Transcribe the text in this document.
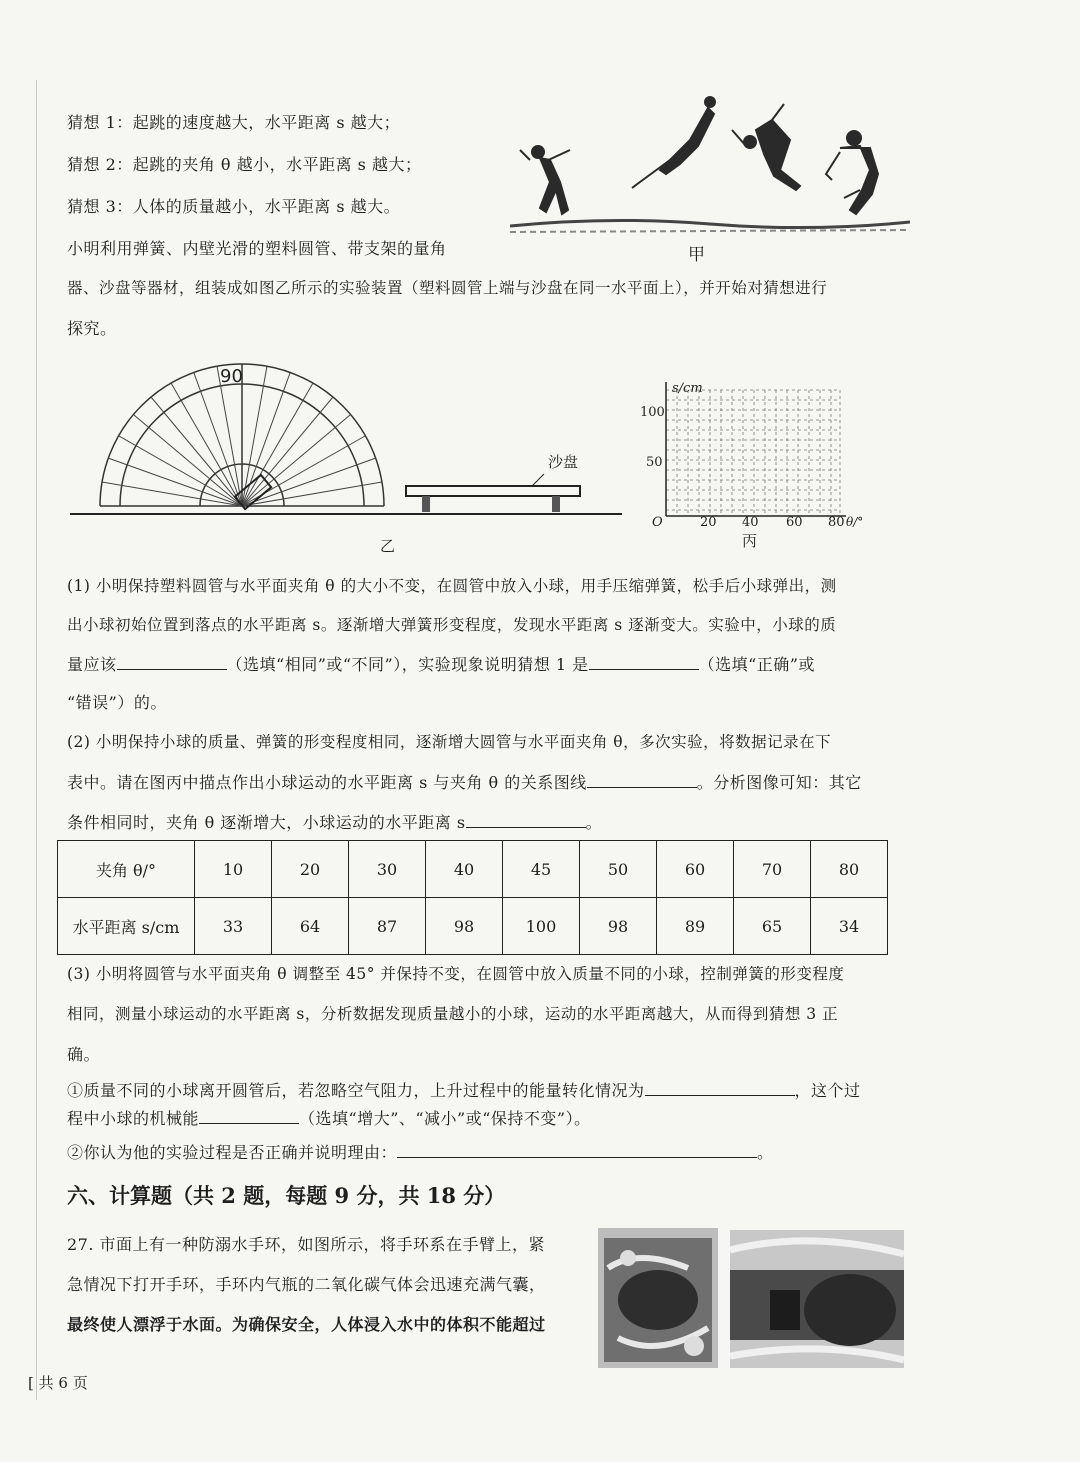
猜想 1：起跳的速度越大，水平距离 s 越大；
猜想 2：起跳的夹角 θ 越小，水平距离 s 越大；
猜想 3：人体的质量越小，水平距离 s 越大。
小明利用弹簧、内壁光滑的塑料圆管、带支架的量角
器、沙盘等器材，组装成如图乙所示的实验装置（塑料圆管上端与沙盘在同一水平面上），并开始对猜想进行
探究。
甲
90
沙盘
乙
s/cm
100
50
O	20 40 60 80 θ/°
丙
(1) 小明保持塑料圆管与水平面夹角 θ 的大小不变，在圆管中放入小球，用手压缩弹簧，松手后小球弹出，测
出小球初始位置到落点的水平距离 s。逐渐增大弹簧形变程度，发现水平距离 s 逐渐变大。实验中，小球的质
量应该	（选填“相同”或“不同”），实验现象说明猜想 1 是	（选填“正确”或
“错误”）的。
(2) 小明保持小球的质量、弹簧的形变程度相同，逐渐增大圆管与水平面夹角 θ，多次实验，将数据记录在下
表中。请在图丙中描点作出小球运动的水平距离 s 与夹角 θ 的关系图线	。分析图像可知：其它
条件相同时，夹角 θ 逐渐增大，小球运动的水平距离 s	。
夹角 θ/°	10	20	30	40	45	50	60	70	80
水平距离 s/cm	33	64	87	98	100	98	89	65	34
(3) 小明将圆管与水平面夹角 θ 调整至 45° 并保持不变，在圆管中放入质量不同的小球，控制弹簧的形变程度
相同，测量小球运动的水平距离 s，分析数据发现质量越小的小球，运动的水平距离越大，从而得到猜想 3 正
确。
①质量不同的小球离开圆管后，若忽略空气阻力，上升过程中的能量转化情况为	，这个过
程中小球的机械能	（选填“增大”、“减小”或“保持不变”）。
②你认为他的实验过程是否正确并说明理由：	。
六、计算题（共 2 题，每题 9 分，共 18 分）
27. 市面上有一种防溺水手环，如图所示，将手环系在手臂上，紧
急情况下打开手环，手环内气瓶的二氧化碳气体会迅速充满气囊，
最终使人漂浮于水面。为确保安全，人体浸入水中的体积不能超过
[ 共 6 页
